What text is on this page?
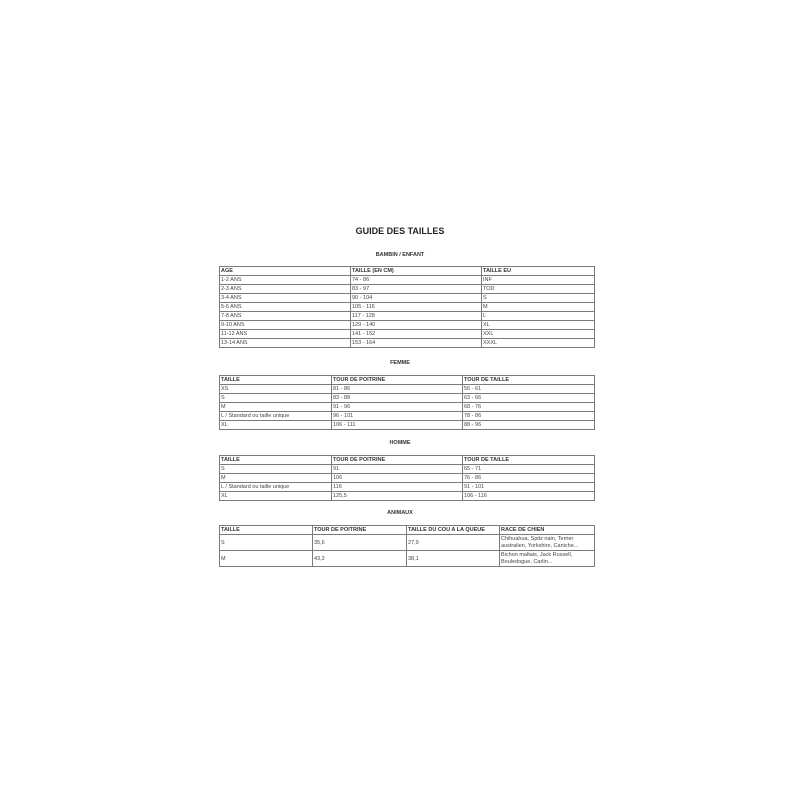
GUIDE DES TAILLES
BAMBIN / ENFANT
AGE	TAILLE (EN CM)	TAILLE EU
1-2 ANS	74 - 86	INF
2-3 ANS	83 - 97	TOD
3-4 ANS	90 - 104	S
5-6 ANS	105 - 116	M
7-8 ANS	117 - 128	L
9-10 ANS	129 - 140	XL
11-12 ANS	141 - 152	XXL
13-14 ANS	153 - 164	XXXL
FEMME
TAILLE	TOUR DE POITRINE	TOUR DE TAILLE
XS	81 - 86	56 - 61
S	83 - 88	63 - 66
M	91 - 96	68 - 76
L / Standard ou taille unique	96 - 101	78 - 86
XL	106 - 111	88 - 96
HOMME
TAILLE	TOUR DE POITRINE	TOUR DE TAILLE
S	91	65 - 71
M	106	76 - 86
L / Standard ou taille unique	116	91 - 101
XL	125,5	106 - 116
ANIMAUX
TAILLE	TOUR DE POITRINE	TAILLE DU COU A LA QUEUE	RACE DE CHIEN
S	35,6	27,9	Chihuahua, Spitz nain, Terrier australien, Yorkshire, Caniche...
M	43,2	38,1	Bichon maltais, Jack Russell, Bouledogue, Carlin...
